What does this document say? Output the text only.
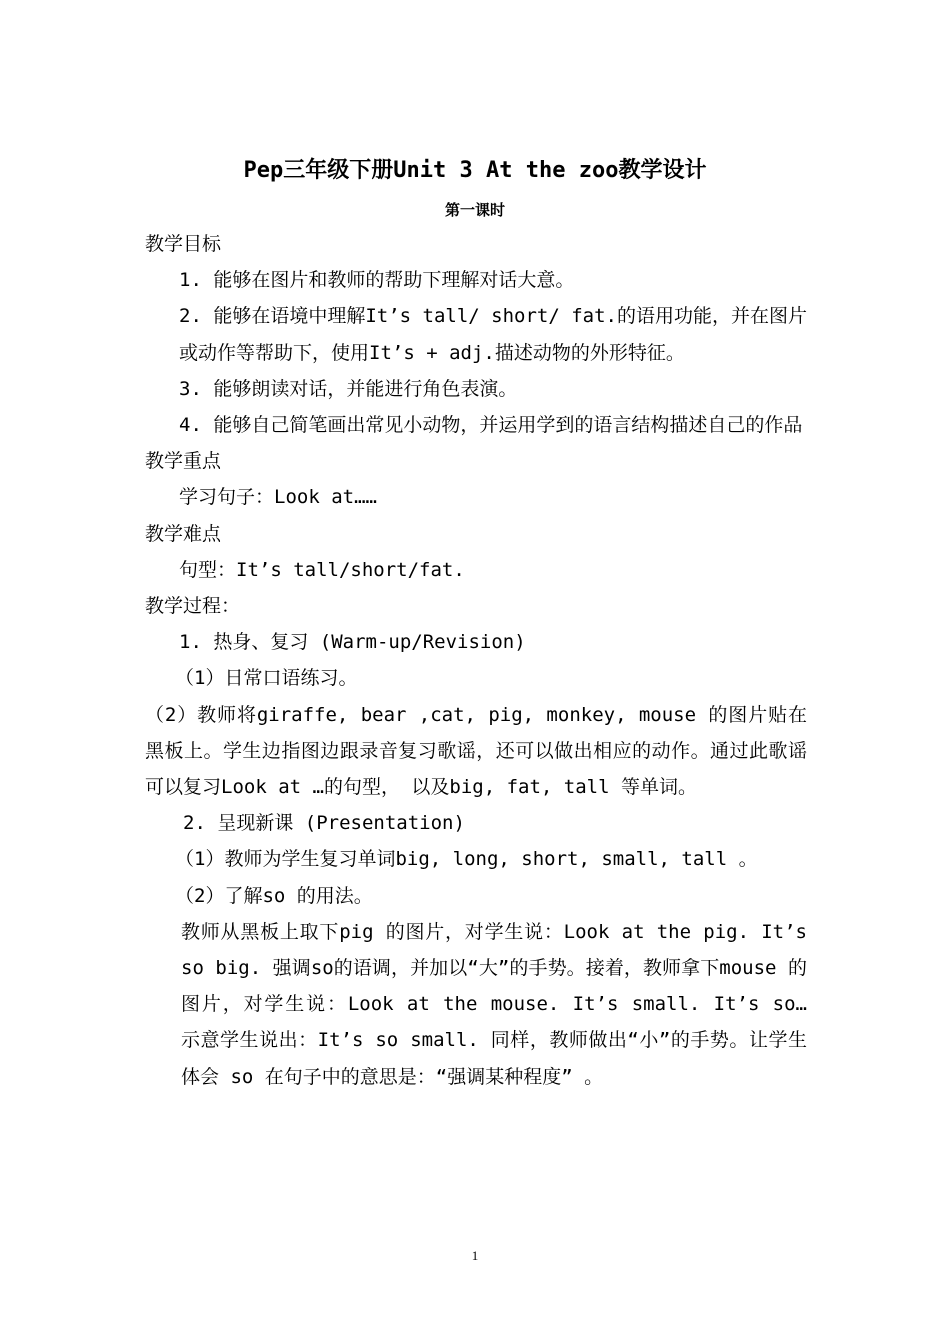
Pep三年级下册Unit 3 At the zoo教学设计
第一课时

教学目标

1. 能够在图片和教师的帮助下理解对话大意。

2. 能够在语境中理解It’s tall/ short/ fat.的语用功能，并在图片或动作等帮助下，使用It’s + adj.描述动物的外形特征。

3. 能够朗读对话，并能进行角色表演。

4. 能够自己简笔画出常见小动物，并运用学到的语言结构描述自己的作品

教学重点

学习句子：Look at……

教学难点

句型：It’s tall/short/fat.

教学过程：

1. 热身、复习 (Warm-up/Revision)

（1）日常口语练习。

（2）教师将giraffe, bear ,cat, pig, monkey, mouse 的图片贴在黑板上。学生边指图边跟录音复习歌谣，还可以做出相应的动作。通过此歌谣可以复习Look at …的句型， 以及big, fat, tall 等单词。

2. 呈现新课 (Presentation)

（1）教师为学生复习单词big, long, short, small, tall 。

（2）了解so 的用法。

教师从黑板上取下pig 的图片，对学生说：Look at the pig. It’s so big. 强调so的语调，并加以“大”的手势。接着，教师拿下mouse 的图片，对学生说：Look at the mouse. It’s small. It’s so… 示意学生说出：It’s so small. 同样，教师做出“小”的手势。让学生体会 so 在句子中的意思是：“强调某种程度” 。

1
